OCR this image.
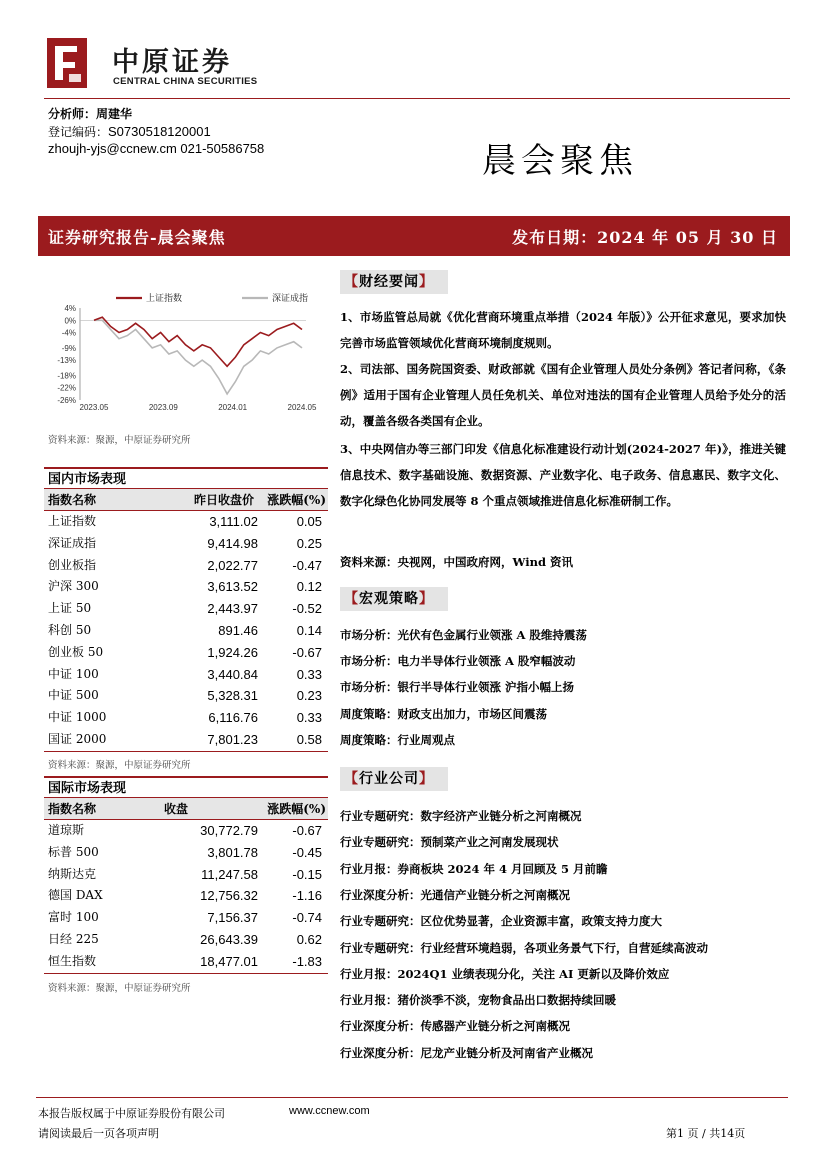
中原证券
CENTRAL CHINA SECURITIES
分析师：周建华
登记编码：S0730518120001
zhoujh-yjs@ccnew.cm 021-50586758	晨会聚焦
证券研究报告-晨会聚焦	发布日期：2024 年 05 月 30 日
上证指数	深证成指
4%
0%
-4%
-9%
-13%
-18%
-22%
-26%
2023.05	2023.09	2024.01	2024.05
资料来源：聚源，中原证券研究所
国内市场表现
指数名称	昨日收盘价	涨跌幅(%)
上证指数	3,111.02	0.05
深证成指	9,414.98	0.25
创业板指	2,022.77	-0.47
沪深 300	3,613.52	0.12
上证 50	2,443.97	-0.52
科创 50	891.46	0.14
创业板 50	1,924.26	-0.67
中证 100	3,440.84	0.33
中证 500	5,328.31	0.23
中证 1000	6,116.76	0.33
国证 2000	7,801.23	0.58
资料来源：聚源，中原证券研究所
国际市场表现
指数名称	收盘	涨跌幅(%)
道琼斯	30,772.79	-0.67
标普 500	3,801.78	-0.45
纳斯达克	11,247.58	-0.15
德国 DAX	12,756.32	-1.16
富时 100	7,156.37	-0.74
日经 225	26,643.39	0.62
恒生指数	18,477.01	-1.83
资料来源：聚源，中原证券研究所
【财经要闻】
1、市场监管总局就《优化营商环境重点举措（2024 年版）》公开征求意见，要求加快完善市场监管领域优化营商环境制度规则。
2、司法部、国务院国资委、财政部就《国有企业管理人员处分条例》答记者问称，《条例》适用于国有企业管理人员任免机关、单位对违法的国有企业管理人员给予处分的活动，覆盖各级各类国有企业。
3、中央网信办等三部门印发《信息化标准建设行动计划(2024-2027 年)》，推进关键信息技术、数字基础设施、数据资源、产业数字化、电子政务、信息惠民、数字文化、数字化绿色化协同发展等 8 个重点领域推进信息化标准研制工作。
资料来源：央视网，中国政府网，Wind 资讯
【宏观策略】
市场分析：光伏有色金属行业领涨 A 股维持震荡
市场分析：电力半导体行业领涨 A 股窄幅波动
市场分析：银行半导体行业领涨 沪指小幅上扬
周度策略：财政支出加力，市场区间震荡
周度策略：行业周观点
【行业公司】
行业专题研究：数字经济产业链分析之河南概况
行业专题研究：预制菜产业之河南发展现状
行业月报：券商板块 2024 年 4 月回顾及 5 月前瞻
行业深度分析：光通信产业链分析之河南概况
行业专题研究：区位优势显著，企业资源丰富，政策支持力度大
行业专题研究：行业经营环境趋弱，各项业务景气下行，自营延续高波动
行业月报：2024Q1 业绩表现分化，关注 AI 更新以及降价效应
行业月报：猪价淡季不淡，宠物食品出口数据持续回暖
行业深度分析：传感器产业链分析之河南概况
行业深度分析：尼龙产业链分析及河南省产业概况
本报告版权属于中原证券股份有限公司	www.ccnew.com
请阅读最后一页各项声明	第1 页 / 共14页
